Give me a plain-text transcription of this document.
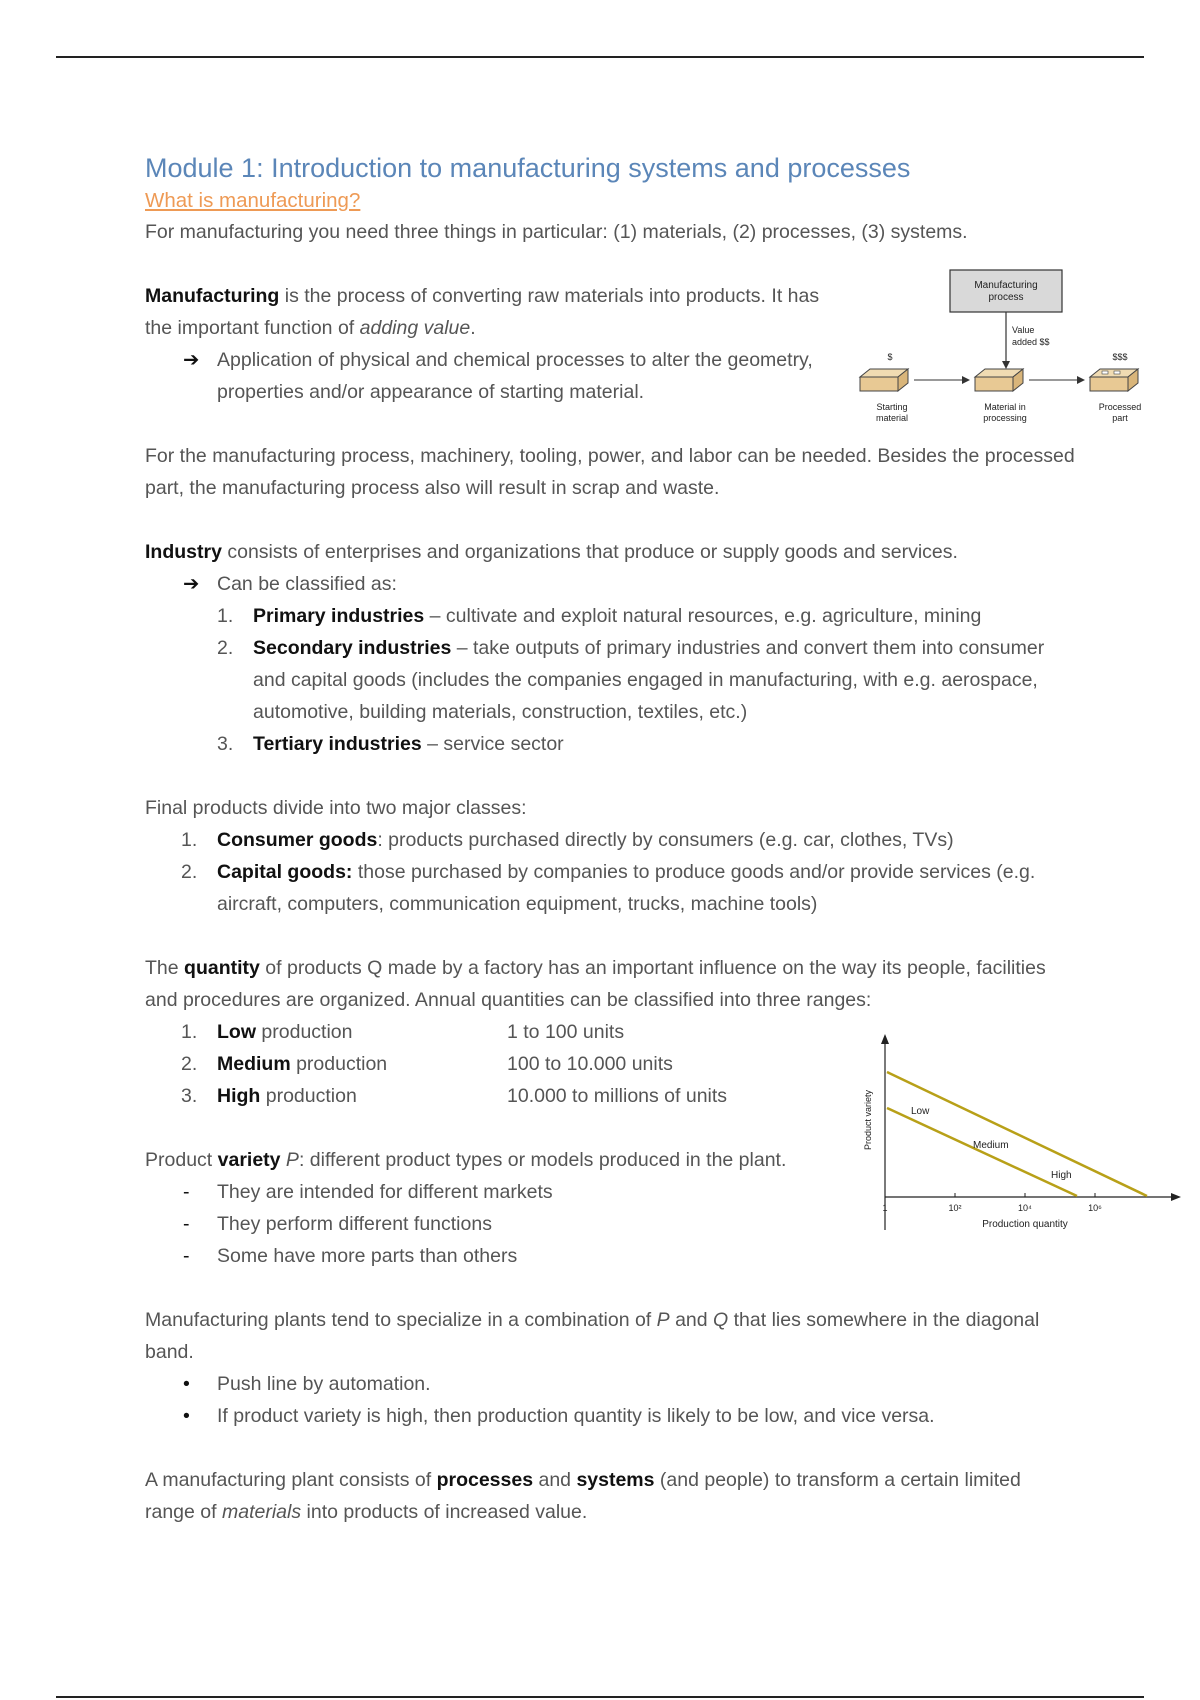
Module 1: Introduction to manufacturing systems and processes

What is manufacturing?

For manufacturing you need three things in particular: (1) materials, (2) processes, (3) systems.

Manufacturing is the process of converting raw materials into products. It has the important function of adding value.

➔ Application of physical and chemical processes to alter the geometry, properties and/or appearance of starting material.

For the manufacturing process, machinery, tooling, power, and labor can be needed. Besides the processed part, the manufacturing process also will result in scrap and waste.

Industry consists of enterprises and organizations that produce or supply goods and services.

➔ Can be classified as:
1. Primary industries – cultivate and exploit natural resources, e.g. agriculture, mining
2. Secondary industries – take outputs of primary industries and convert them into consumer and capital goods (includes the companies engaged in manufacturing, with e.g. aerospace, automotive, building materials, construction, textiles, etc.)
3. Tertiary industries – service sector

Final products divide into two major classes:

1. Consumer goods: products purchased directly by consumers (e.g. car, clothes, TVs)
2. Capital goods: those purchased by companies to produce goods and/or provide services (e.g. aircraft, computers, communication equipment, trucks, machine tools)

The quantity of products Q made by a factory has an important influence on the way its people, facilities and procedures are organized. Annual quantities can be classified into three ranges:

1. Low production	1 to 100 units
2. Medium production	100 to 10.000 units
3. High production	10.000 to millions of units

Product variety P: different product types or models produced in the plant.

- They are intended for different markets
- They perform different functions
- Some have more parts than others

Manufacturing plants tend to specialize in a combination of P and Q that lies somewhere in the diagonal band.

• Push line by automation.
• If product variety is high, then production quantity is likely to be low, and vice versa.

A manufacturing plant consists of processes and systems (and people) to transform a certain limited range of materials into products of increased value.

Manufacturing
process
Value
added $$
$	$$$
Starting
material
Material in
processing
Processed
part
Low
Medium
High
1	10²	10⁴	10⁶
Production quantity
Product variety
